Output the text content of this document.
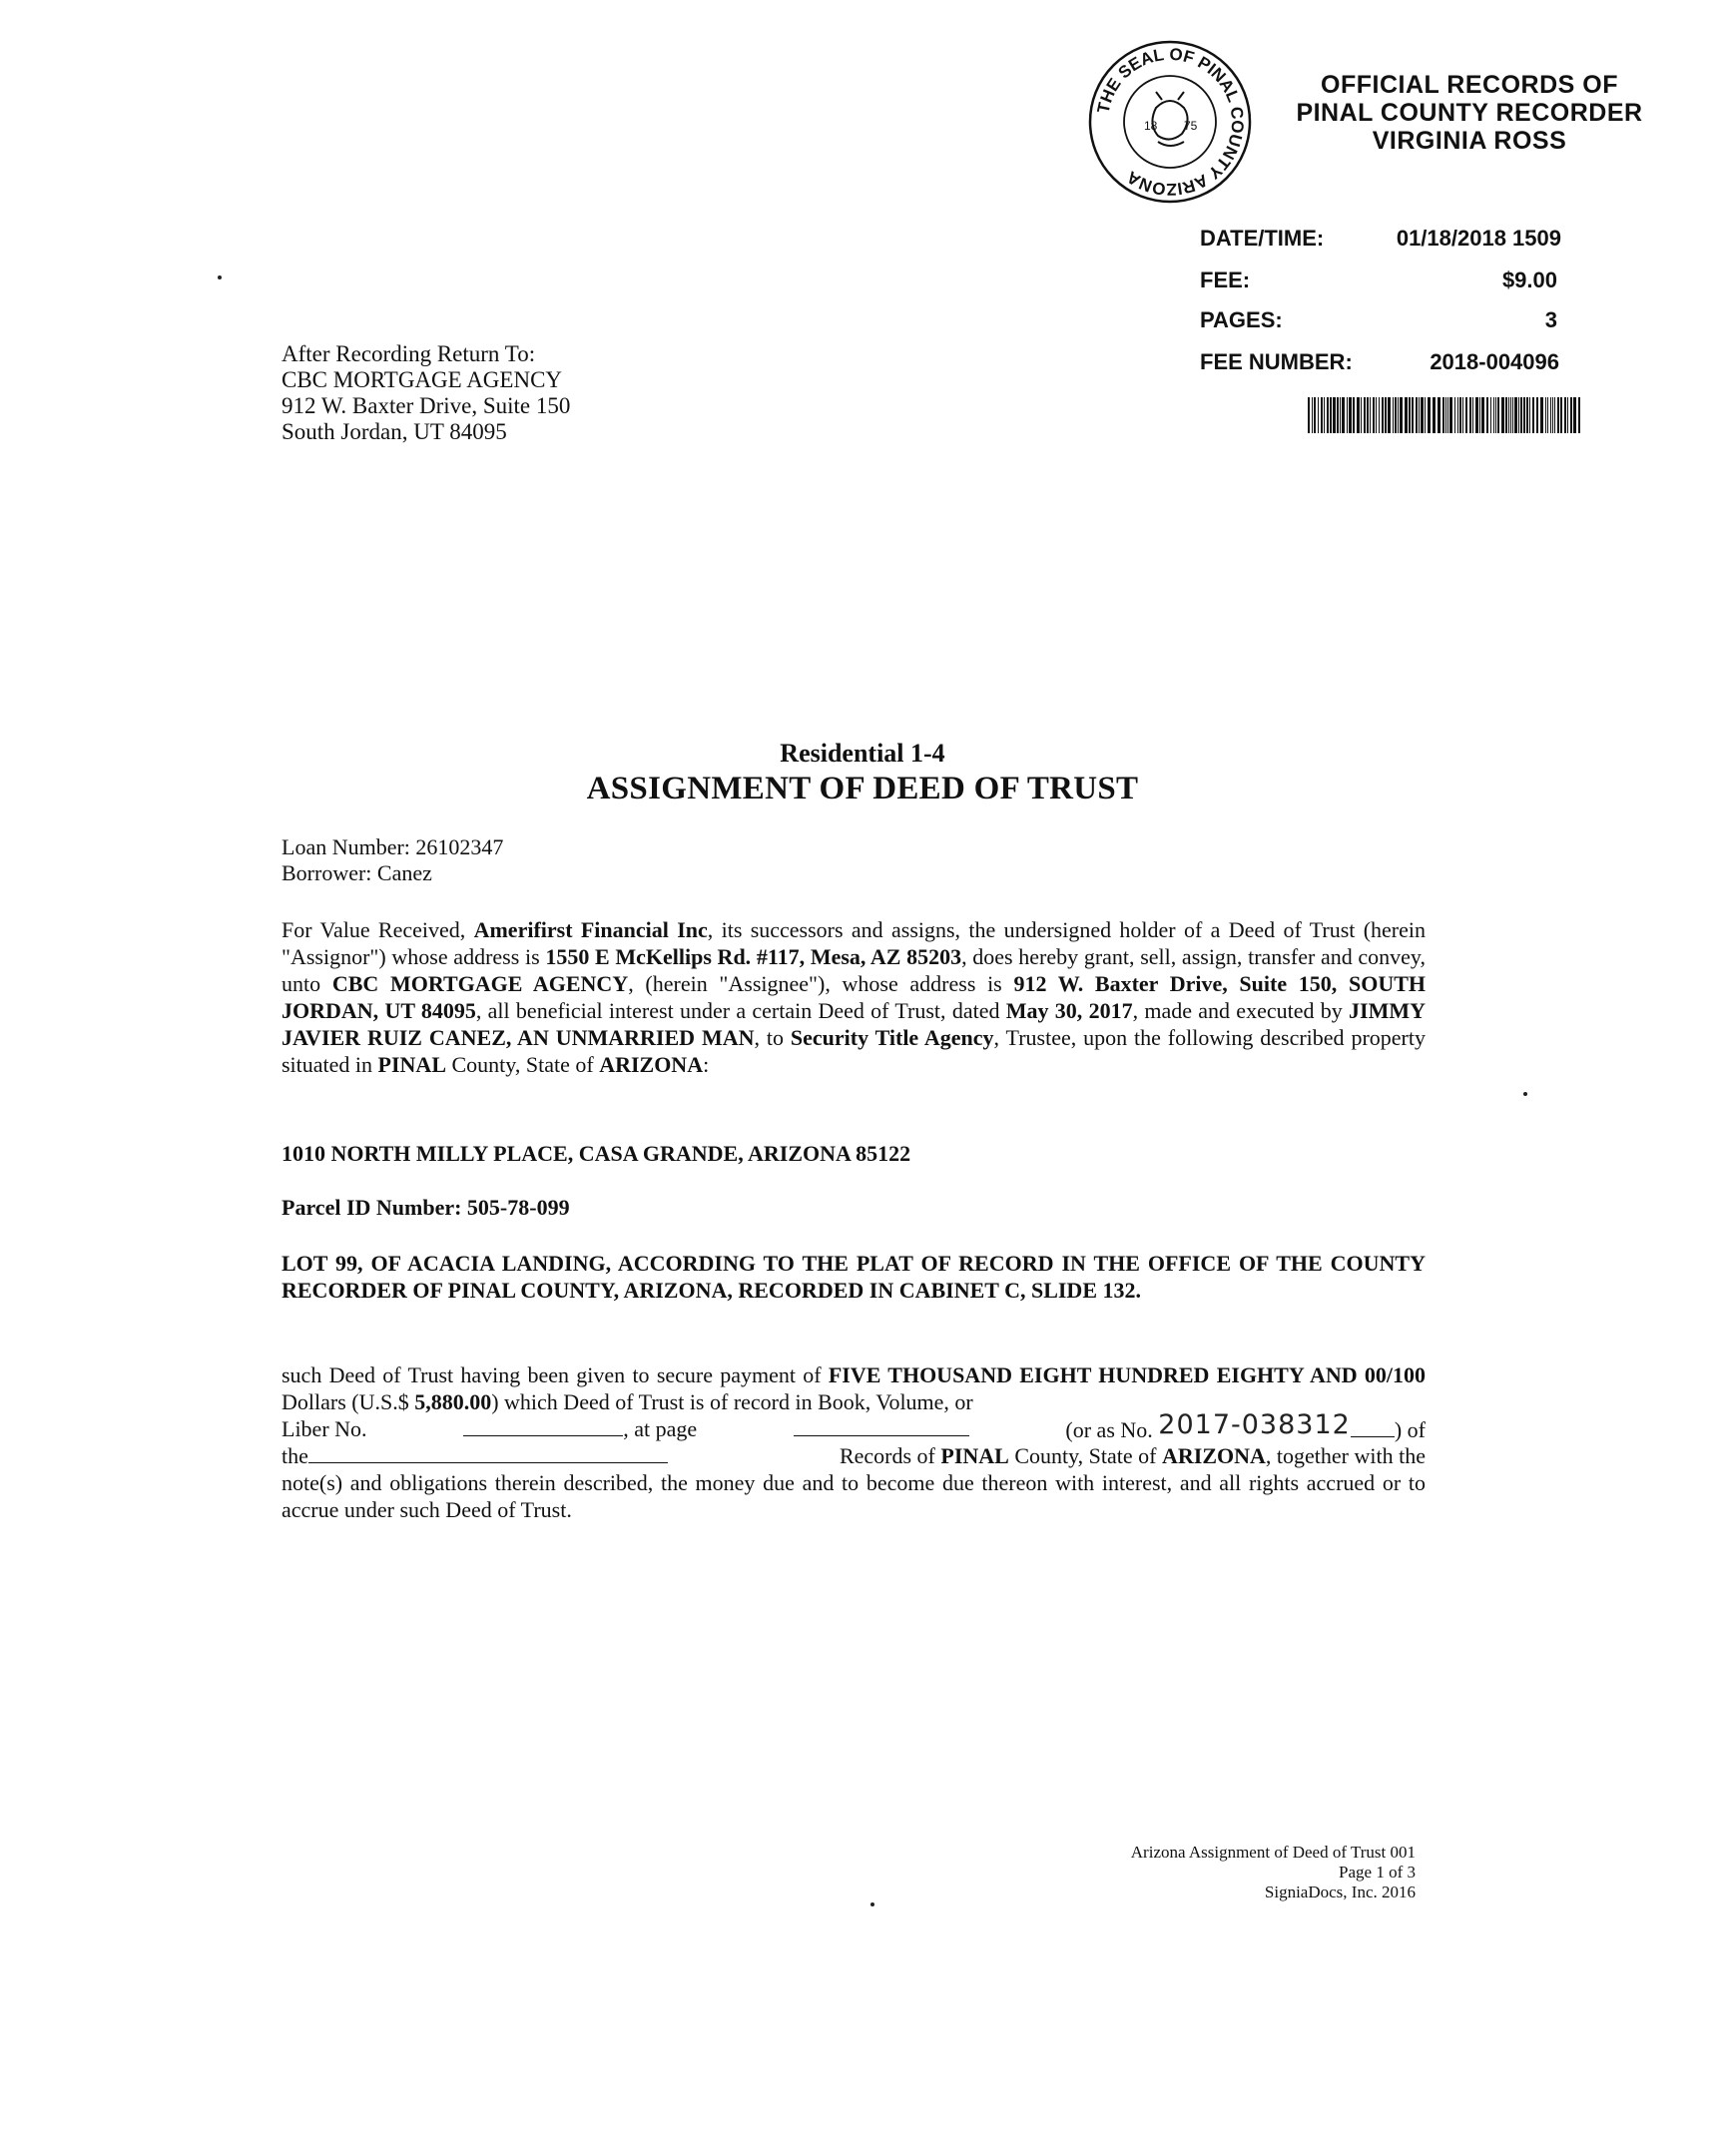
THE SEAL OF PINAL COUNTY ARIZONA
18 75
OFFICIAL RECORDS OF
PINAL COUNTY RECORDER
VIRGINIA ROSS
DATE/TIME:	01/18/2018 1509
FEE:	$9.00
PAGES:	3
FEE NUMBER:	2018-004096
After Recording Return To:
CBC MORTGAGE AGENCY
912 W. Baxter Drive, Suite 150
South Jordan, UT 84095
Residential 1-4
ASSIGNMENT OF DEED OF TRUST
Loan Number: 26102347
Borrower: Canez
For Value Received, Amerifirst Financial Inc, its successors and assigns, the undersigned holder of a Deed of Trust (herein "Assignor") whose address is 1550 E McKellips Rd. #117, Mesa, AZ 85203, does hereby grant, sell, assign, transfer and convey, unto CBC MORTGAGE AGENCY, (herein "Assignee"), whose address is 912 W. Baxter Drive, Suite 150, SOUTH JORDAN, UT 84095, all beneficial interest under a certain Deed of Trust, dated May 30, 2017, made and executed by JIMMY JAVIER RUIZ CANEZ, AN UNMARRIED MAN, to Security Title Agency, Trustee, upon the following described property situated in PINAL County, State of ARIZONA:
1010 NORTH MILLY PLACE, CASA GRANDE, ARIZONA 85122
Parcel ID Number: 505-78-099
LOT 99, OF ACACIA LANDING, ACCORDING TO THE PLAT OF RECORD IN THE OFFICE OF THE COUNTY RECORDER OF PINAL COUNTY, ARIZONA, RECORDED IN CABINET C, SLIDE 132.
such Deed of Trust having been given to secure payment of FIVE THOUSAND EIGHT HUNDRED EIGHTY AND 00/100 Dollars (U.S.$ 5,880.00) which Deed of Trust is of record in Book, Volume, or
Liber No.	, at page	(or as No. 2017-038312 ) of
the	Records of PINAL County, State of ARIZONA, together with the
note(s) and obligations therein described, the money due and to become due thereon with interest, and all rights accrued or to accrue under such Deed of Trust.
Arizona Assignment of Deed of Trust 001
Page 1 of 3
SigniaDocs, Inc. 2016
